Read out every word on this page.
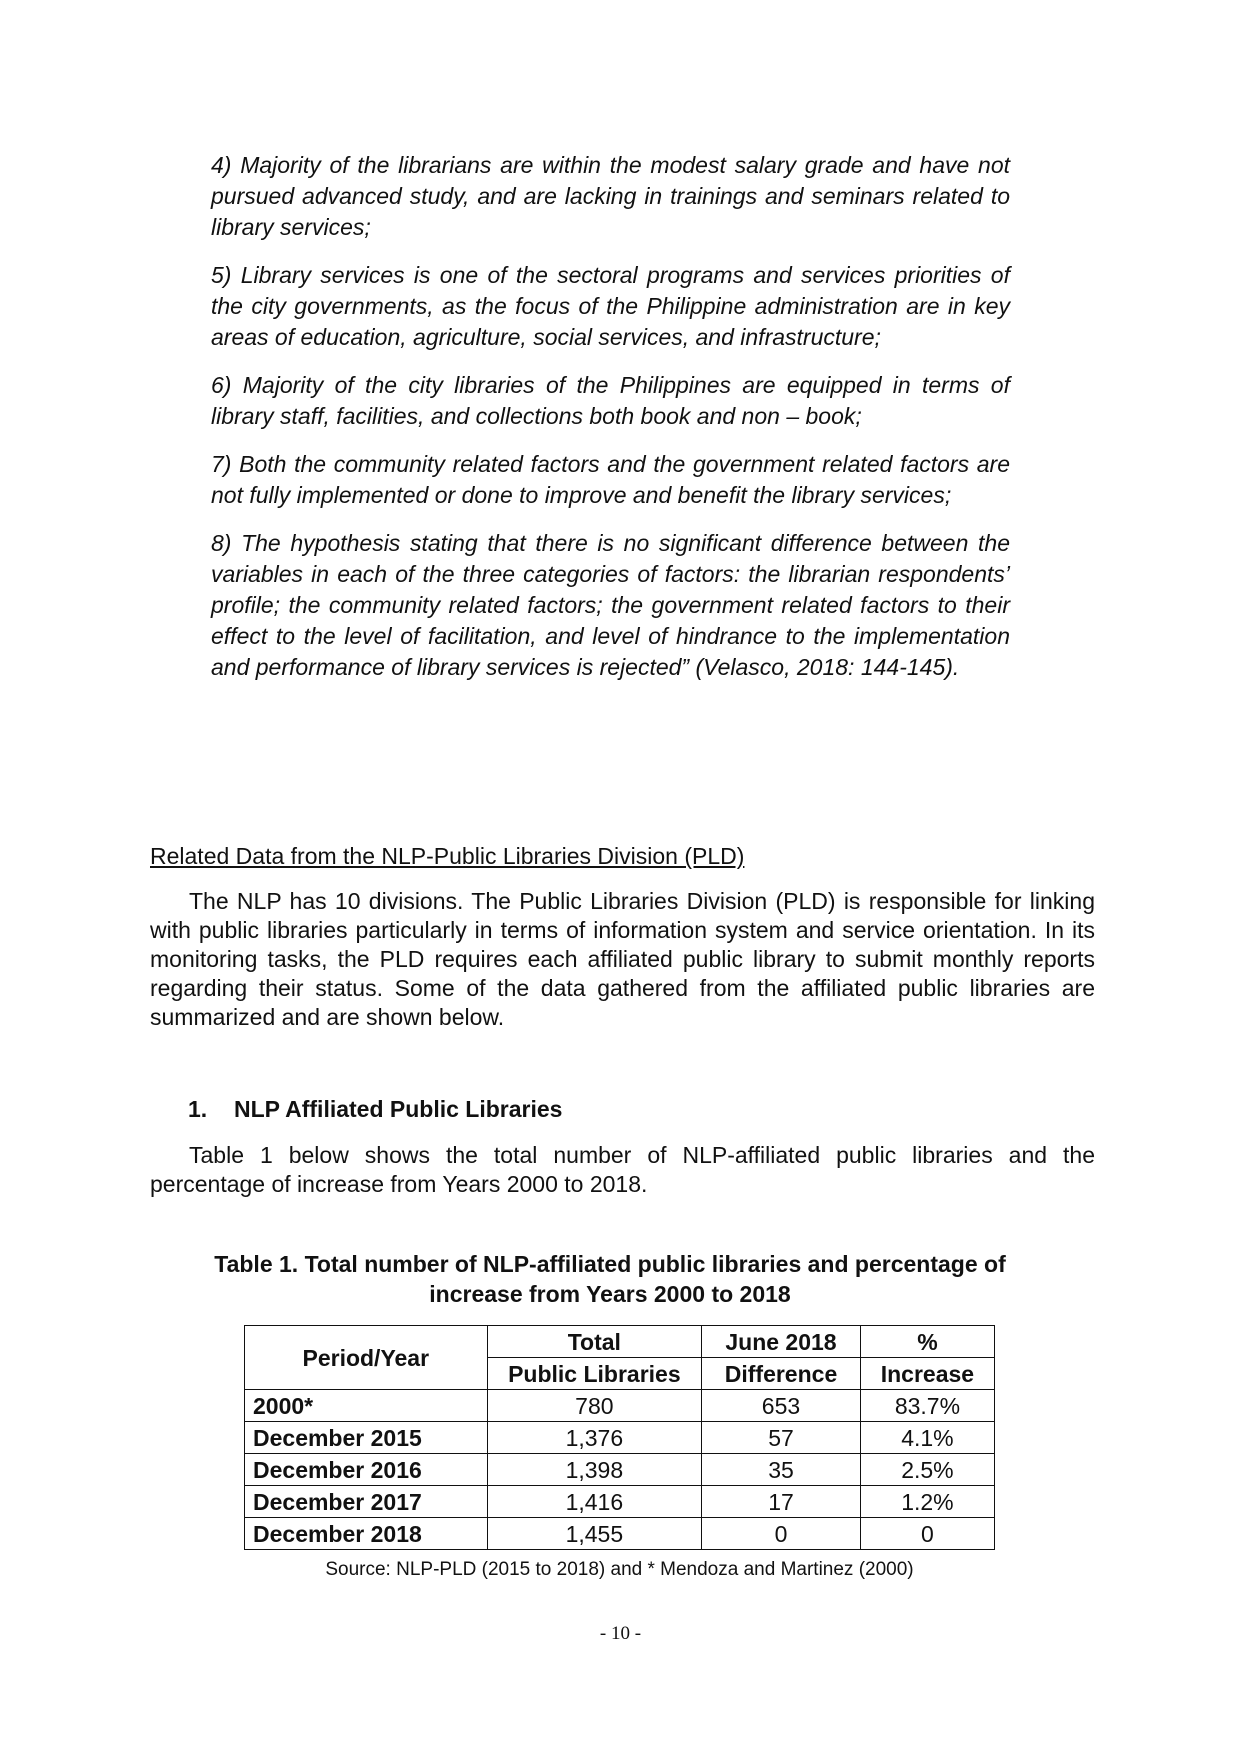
4) Majority of the librarians are within the modest salary grade and have not pursued advanced study, and are lacking in trainings and seminars related to library services;

5) Library services is one of the sectoral programs and services priorities of the city governments, as the focus of the Philippine administration are in key areas of education, agriculture, social services, and infrastructure;

6) Majority of the city libraries of the Philippines are equipped in terms of library staff, facilities, and collections both book and non – book;

7) Both the community related factors and the government related factors are not fully implemented or done to improve and benefit the library services;

8) The hypothesis stating that there is no significant difference between the variables in each of the three categories of factors: the librarian respondents’ profile; the community related factors; the government related factors to their effect to the level of facilitation, and level of hindrance to the implementation and performance of library services is rejected” (Velasco, 2018: 144-145).

Related Data from the NLP-Public Libraries Division (PLD)

The NLP has 10 divisions. The Public Libraries Division (PLD) is responsible for linking with public libraries particularly in terms of information system and service orientation. In its monitoring tasks, the PLD requires each affiliated public library to submit monthly reports regarding their status. Some of the data gathered from the affiliated public libraries are summarized and are shown below.

1. NLP Affiliated Public Libraries

Table 1 below shows the total number of NLP-affiliated public libraries and the percentage of increase from Years 2000 to 2018.

Table 1. Total number of NLP-affiliated public libraries and percentage of
increase from Years 2000 to 2018

Period/Year	Total	June 2018	%
	Public Libraries	Difference	Increase
2000*	780	653	83.7%
December 2015	1,376	57	4.1%
December 2016	1,398	35	2.5%
December 2017	1,416	17	1.2%
December 2018	1,455	0	0

Source: NLP-PLD (2015 to 2018) and * Mendoza and Martinez (2000)

- 10 -
